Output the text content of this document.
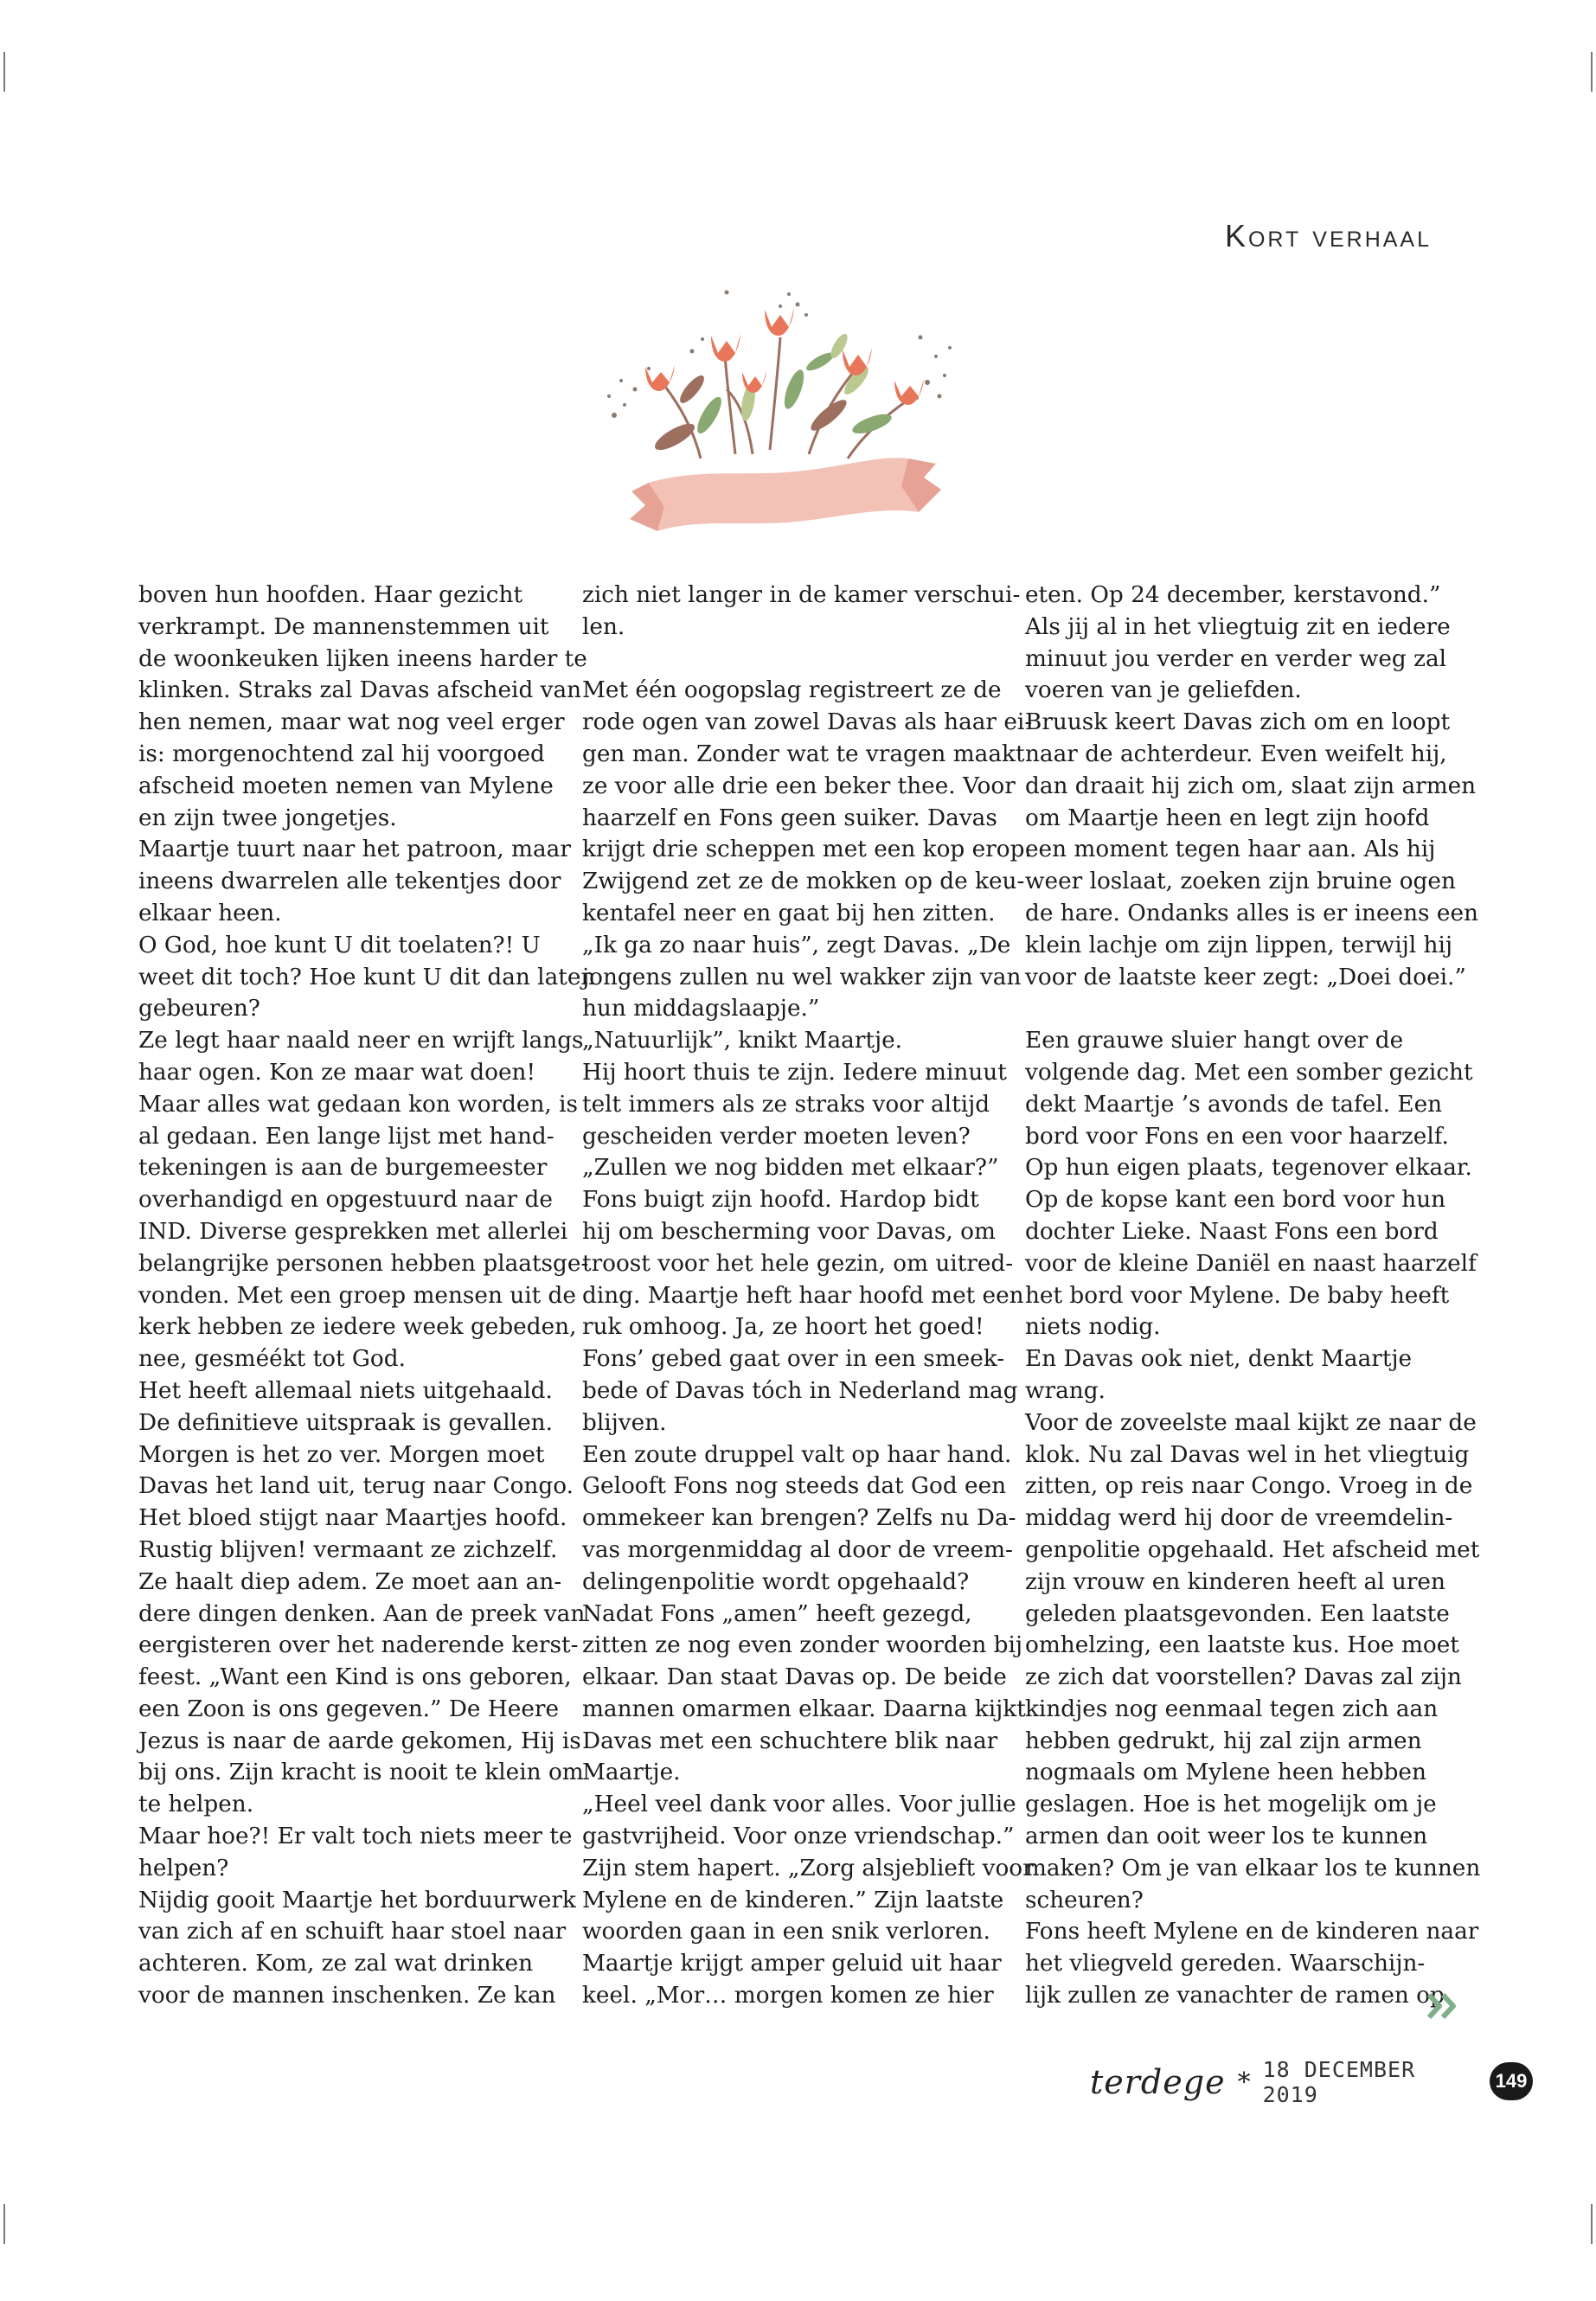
Kort verhaal
boven hun hoofden. Haar gezicht
verkrampt. De mannenstemmen uit
de woonkeuken lijken ineens harder te
klinken. Straks zal Davas afscheid van
hen nemen, maar wat nog veel erger
is: morgenochtend zal hij voorgoed
afscheid moeten nemen van Mylene
en zijn twee jongetjes.
Maartje tuurt naar het patroon, maar
ineens dwarrelen alle tekentjes door
elkaar heen.
O God, hoe kunt U dit toelaten?! U
weet dit toch? Hoe kunt U dit dan laten
gebeuren?
Ze legt haar naald neer en wrijft langs
haar ogen. Kon ze maar wat doen!
Maar alles wat gedaan kon worden, is
al gedaan. Een lange lijst met hand-
tekeningen is aan de burgemeester
overhandigd en opgestuurd naar de
IND. Diverse gesprekken met allerlei
belangrijke personen hebben plaatsge-
vonden. Met een groep mensen uit de
kerk hebben ze iedere week gebeden,
nee, gesméékt tot God.
Het heeft allemaal niets uitgehaald.
De definitieve uitspraak is gevallen.
Morgen is het zo ver. Morgen moet
Davas het land uit, terug naar Congo.
Het bloed stijgt naar Maartjes hoofd.
Rustig blijven! vermaant ze zichzelf.
Ze haalt diep adem. Ze moet aan an-
dere dingen denken. Aan de preek van
eergisteren over het naderende kerst-
feest. „Want een Kind is ons geboren,
een Zoon is ons gegeven.” De Heere
Jezus is naar de aarde gekomen, Hij is
bij ons. Zijn kracht is nooit te klein om
te helpen.
Maar hoe?! Er valt toch niets meer te
helpen?
Nijdig gooit Maartje het borduurwerk
van zich af en schuift haar stoel naar
achteren. Kom, ze zal wat drinken
voor de mannen inschenken. Ze kan
zich niet langer in de kamer verschui-
len.
Met één oogopslag registreert ze de
rode ogen van zowel Davas als haar ei-
gen man. Zonder wat te vragen maakt
ze voor alle drie een beker thee. Voor
haarzelf en Fons geen suiker. Davas
krijgt drie scheppen met een kop erop.
Zwijgend zet ze de mokken op de keu-
kentafel neer en gaat bij hen zitten.
„Ik ga zo naar huis”, zegt Davas. „De
jongens zullen nu wel wakker zijn van
hun middagslaapje.”
„Natuurlijk”, knikt Maartje.
Hij hoort thuis te zijn. Iedere minuut
telt immers als ze straks voor altijd
gescheiden verder moeten leven?
„Zullen we nog bidden met elkaar?”
Fons buigt zijn hoofd. Hardop bidt
hij om bescherming voor Davas, om
troost voor het hele gezin, om uitred-
ding. Maartje heft haar hoofd met een
ruk omhoog. Ja, ze hoort het goed!
Fons’ gebed gaat over in een smeek-
bede of Davas tóch in Nederland mag
blijven.
Een zoute druppel valt op haar hand.
Gelooft Fons nog steeds dat God een
ommekeer kan brengen? Zelfs nu Da-
vas morgenmiddag al door de vreem-
delingenpolitie wordt opgehaald?
Nadat Fons „amen” heeft gezegd,
zitten ze nog even zonder woorden bij
elkaar. Dan staat Davas op. De beide
mannen omarmen elkaar. Daarna kijkt
Davas met een schuchtere blik naar
Maartje.
„Heel veel dank voor alles. Voor jullie
gastvrijheid. Voor onze vriendschap.”
Zijn stem hapert. „Zorg alsjeblieft voor
Mylene en de kinderen.” Zijn laatste
woorden gaan in een snik verloren.
Maartje krijgt amper geluid uit haar
keel. „Mor… morgen komen ze hier
eten. Op 24 december, kerstavond.”
Als jij al in het vliegtuig zit en iedere
minuut jou verder en verder weg zal
voeren van je geliefden.
Bruusk keert Davas zich om en loopt
naar de achterdeur. Even weifelt hij,
dan draait hij zich om, slaat zijn armen
om Maartje heen en legt zijn hoofd
een moment tegen haar aan. Als hij
weer loslaat, zoeken zijn bruine ogen
de hare. Ondanks alles is er ineens een
klein lachje om zijn lippen, terwijl hij
voor de laatste keer zegt: „Doei doei.”
Een grauwe sluier hangt over de
volgende dag. Met een somber gezicht
dekt Maartje ’s avonds de tafel. Een
bord voor Fons en een voor haarzelf.
Op hun eigen plaats, tegenover elkaar.
Op de kopse kant een bord voor hun
dochter Lieke. Naast Fons een bord
voor de kleine Daniël en naast haarzelf
het bord voor Mylene. De baby heeft
niets nodig.
En Davas ook niet, denkt Maartje
wrang.
Voor de zoveelste maal kijkt ze naar de
klok. Nu zal Davas wel in het vliegtuig
zitten, op reis naar Congo. Vroeg in de
middag werd hij door de vreemdelin-
genpolitie opgehaald. Het afscheid met
zijn vrouw en kinderen heeft al uren
geleden plaatsgevonden. Een laatste
omhelzing, een laatste kus. Hoe moet
ze zich dat voorstellen? Davas zal zijn
kindjes nog eenmaal tegen zich aan
hebben gedrukt, hij zal zijn armen
nogmaals om Mylene heen hebben
geslagen. Hoe is het mogelijk om je
armen dan ooit weer los te kunnen
maken? Om je van elkaar los te kunnen
scheuren?
Fons heeft Mylene en de kinderen naar
het vliegveld gereden. Waarschijn-
lijk zullen ze vanachter de ramen op
terdege * 18 DECEMBER 2019
149
